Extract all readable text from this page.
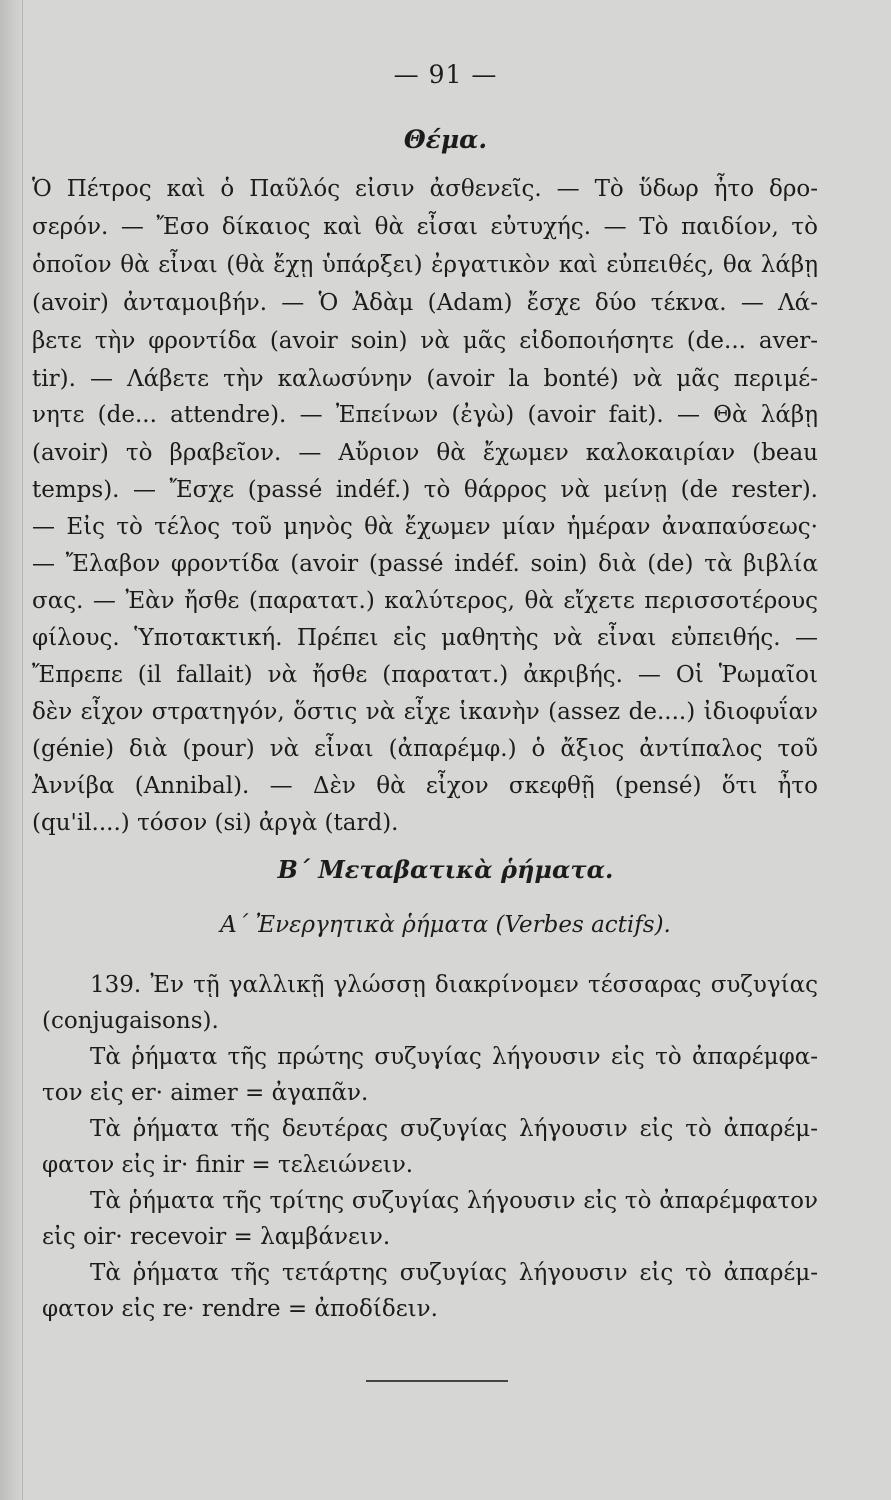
— 91 —
Θέμα.
Ὁ Πέτρος καὶ ὁ Παῦλός εἰσιν ἀσθενεῖς. — Τὸ ὕδωρ ἦτο δρο-
σερόν. — Ἔσο δίκαιος καὶ θὰ εἶσαι εὐτυχής. — Τὸ παιδίον, τὸ
ὁποῖον θὰ εἶναι (θὰ ἔχῃ ὑπάρξει) ἐργατικὸν καὶ εὐπειθές, θα λάβῃ
(avoir) ἀνταμοιβήν. — Ὁ Ἀδὰμ (Adam) ἔσχε δύο τέκνα. — Λά-
βετε τὴν φροντίδα (avoir soin) νὰ μᾶς εἰδοποιήσητε (de... aver-
tir). — Λάβετε τὴν καλωσύνην (avoir la bonté) νὰ μᾶς περιμέ-
νητε (de... attendre). — Ἐπείνων (ἐγὼ) (avoir fait). — Θὰ λάβῃ
(avoir) τὸ βραβεῖον. — Αὔριον θὰ ἔχωμεν καλοκαιρίαν (beau
temps). — Ἔσχε (passé indéf.) τὸ θάρρος νὰ μείνῃ (de rester).
— Εἰς τὸ τέλος τοῦ μηνὸς θὰ ἔχωμεν μίαν ἡμέραν ἀναπαύσεως·
— Ἔλαβον φροντίδα (avoir (passé indéf. soin) διὰ (de) τὰ βιβλία
σας. — Ἐὰν ἤσθε (παρατατ.) καλύτερος, θὰ εἴχετε περισσοτέρους
φίλους. Ὑποτακτική. Πρέπει εἰς μαθητὴς νὰ εἶναι εὐπειθής. —
Ἔπρεπε (il fallait) νὰ ἤσθε (παρατατ.) ἀκριβής. — Οἱ Ῥωμαῖοι
δὲν εἶχον στρατηγόν, ὅστις νὰ εἶχε ἱκανὴν (assez de....) ἰδιοφυΐαν
(génie) διὰ (pour) νὰ εἶναι (ἀπαρέμφ.) ὁ ἄξιος ἀντίπαλος τοῦ
Ἀννίβα (Annibal). — Δὲν θὰ εἶχον σκεφθῇ (pensé) ὅτι ἦτο
(qu'il....) τόσον (si) ἀργὰ (tard).
B΄ Μεταβατικὰ ῥήματα.
A΄ Ἐνεργητικὰ ῥήματα (Verbes actifs).
139. Ἐν τῇ γαλλικῇ γλώσσῃ διακρίνομεν τέσσαρας συζυγίας
(conjugaisons).
Τὰ ῥήματα τῆς πρώτης συζυγίας λήγουσιν εἰς τὸ ἀπαρέμφα-
τον εἰς er· aimer = ἀγαπᾶν.
Τὰ ῥήματα τῆς δευτέρας συζυγίας λήγουσιν εἰς τὸ ἀπαρέμ-
φατον εἰς ir· finir = τελειώνειν.
Τὰ ῥήματα τῆς τρίτης συζυγίας λήγουσιν εἰς τὸ ἀπαρέμφατον
εἰς oir· recevoir = λαμβάνειν.
Τὰ ῥήματα τῆς τετάρτης συζυγίας λήγουσιν εἰς τὸ ἀπαρέμ-
φατον εἰς re· rendre = ἀποδίδειν.
